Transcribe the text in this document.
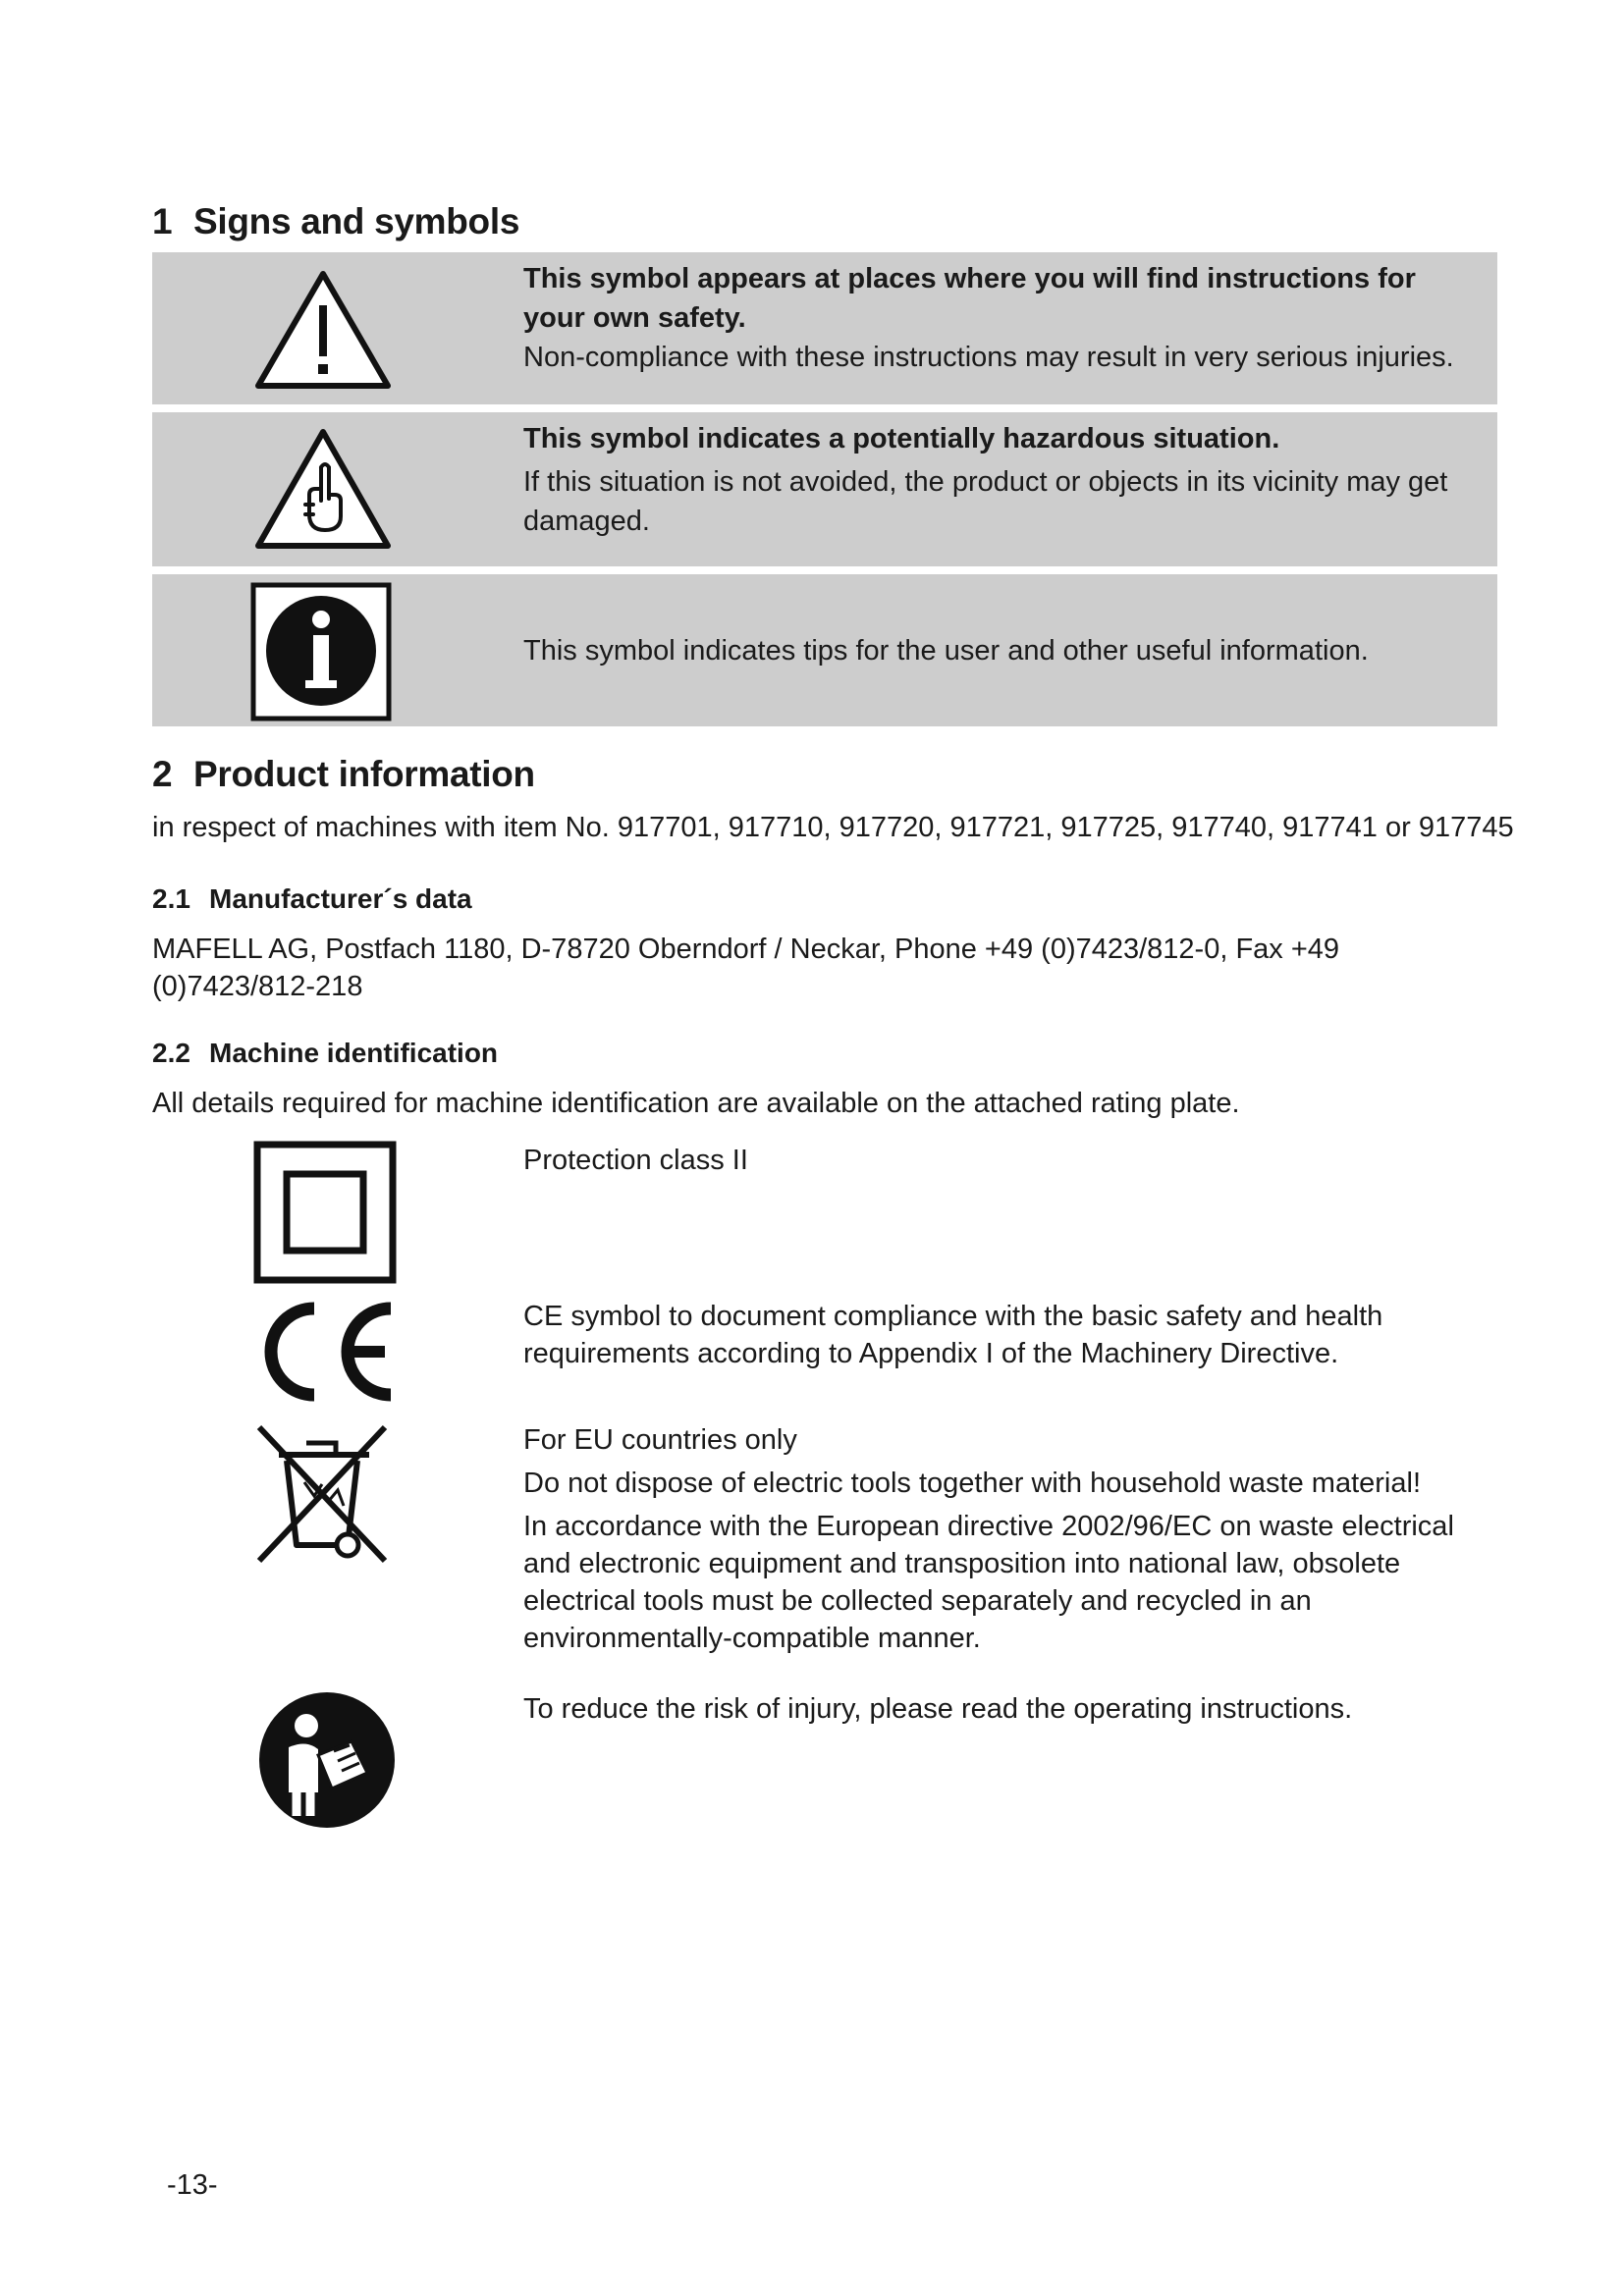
1 Signs and symbols
This symbol appears at places where you will find instructions for your own safety.
Non-compliance with these instructions may result in very serious injuries.
This symbol indicates a potentially hazardous situation.
If this situation is not avoided, the product or objects in its vicinity may get damaged.
This symbol indicates tips for the user and other useful information.
2 Product information

in respect of machines with item No. 917701, 917710, 917720, 917721, 917725, 917740, 917741 or 917745

2.1 Manufacturer´s data

MAFELL AG, Postfach 1180, D-78720 Oberndorf / Neckar, Phone +49 (0)7423/812-0, Fax +49 (0)7423/812-218

2.2 Machine identification

All details required for machine identification are available on the attached rating plate.

Protection class II

CE symbol to document compliance with the basic safety and health requirements according to Appendix I of the Machinery Directive.

For EU countries only

Do not dispose of electric tools together with household waste material!

In accordance with the European directive 2002/96/EC on waste electrical and electronic equipment and transposition into national law, obsolete electrical tools must be collected separately and recycled in an environmentally-compatible manner.

To reduce the risk of injury, please read the operating instructions.

-13-
